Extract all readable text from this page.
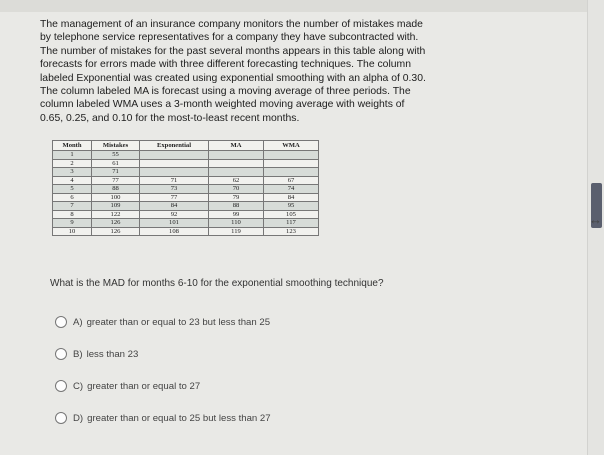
↔
The management of an insurance company monitors the number of mistakes made
by telephone service representatives for a company they have subcontracted with.
The number of mistakes for the past several months appears in this table along with
forecasts for errors made with three different forecasting techniques. The column
labeled Exponential was created using exponential smoothing with an alpha of 0.30.
The column labeled MA is forecast using a moving average of three periods. The
column labeled WMA uses a 3-month weighted moving average with weights of
0.65, 0.25, and 0.10 for the most-to-least recent months.
Month	Mistakes	Exponential	MA	WMA
1	55			
2	61			
3	71			
4	77	71	62	67
5	88	73	70	74
6	100	77	79	84
7	109	84	88	95
8	122	92	99	105
9	126	101	110	117
10	126	108	119	123
What is the MAD for months 6-10 for the exponential smoothing technique?
A) greater than or equal to 23 but less than 25
B) less than 23
C) greater than or equal to 27
D) greater than or equal to 25 but less than 27
